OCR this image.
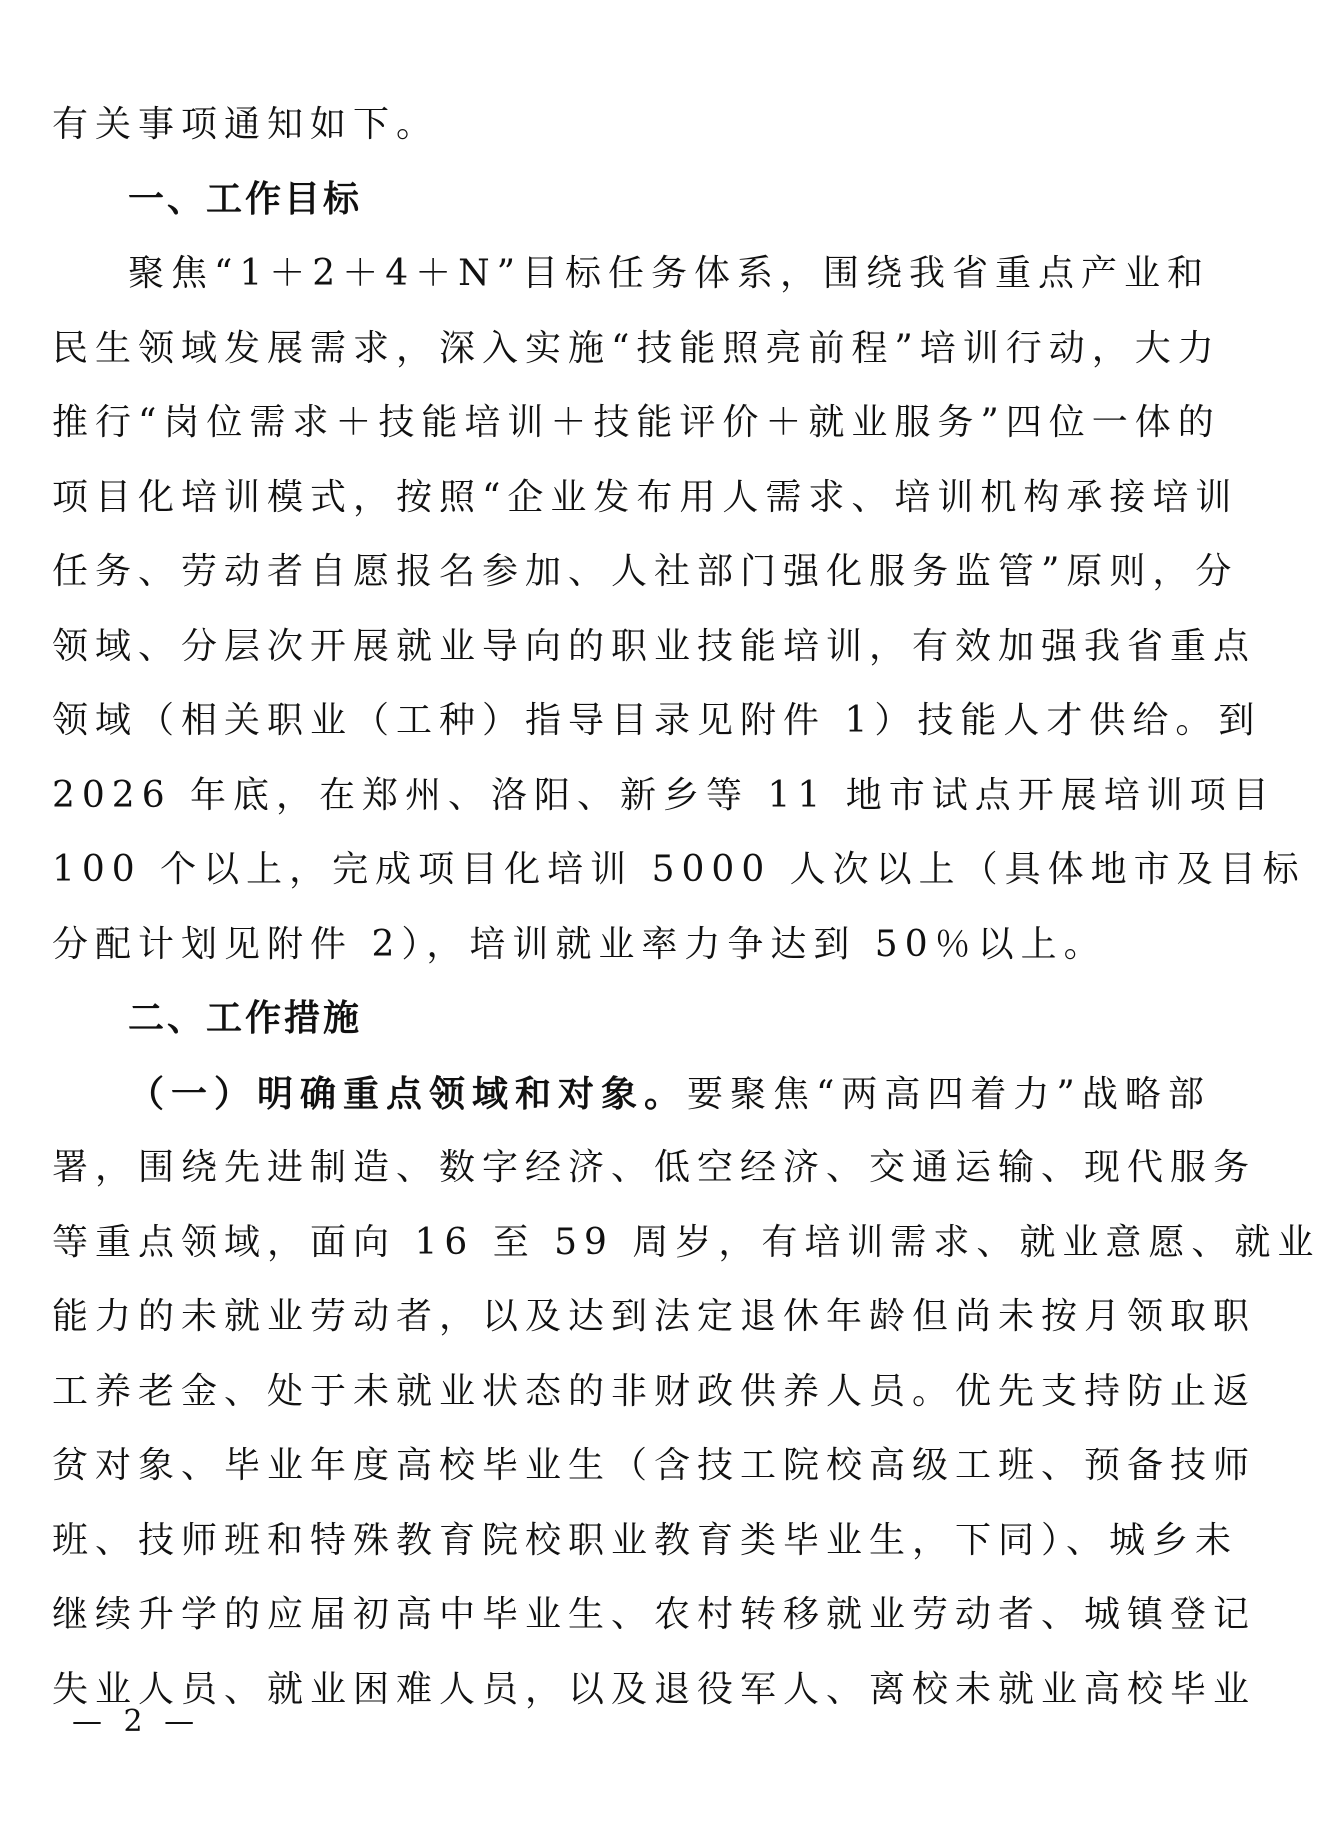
有关事项通知如下。
一、工作目标
聚焦“1＋2＋4＋N”目标任务体系，围绕我省重点产业和
民生领域发展需求，深入实施“技能照亮前程”培训行动，大力
推行“岗位需求＋技能培训＋技能评价＋就业服务”四位一体的
项目化培训模式，按照“企业发布用人需求、培训机构承接培训
任务、劳动者自愿报名参加、人社部门强化服务监管”原则，分
领域、分层次开展就业导向的职业技能培训，有效加强我省重点
领域（相关职业（工种）指导目录见附件 1）技能人才供给。到
2026 年底，在郑州、洛阳、新乡等 11 地市试点开展培训项目
100 个以上，完成项目化培训 5000 人次以上（具体地市及目标
分配计划见附件 2），培训就业率力争达到 50％以上。
二、工作措施
（一）明确重点领域和对象。要聚焦“两高四着力”战略部
署，围绕先进制造、数字经济、低空经济、交通运输、现代服务
等重点领域，面向 16 至 59 周岁，有培训需求、就业意愿、就业
能力的未就业劳动者，以及达到法定退休年龄但尚未按月领取职
工养老金、处于未就业状态的非财政供养人员。优先支持防止返
贫对象、毕业年度高校毕业生（含技工院校高级工班、预备技师
班、技师班和特殊教育院校职业教育类毕业生，下同）、城乡未
继续升学的应届初高中毕业生、农村转移就业劳动者、城镇登记
失业人员、就业困难人员，以及退役军人、离校未就业高校毕业
— 2 —
